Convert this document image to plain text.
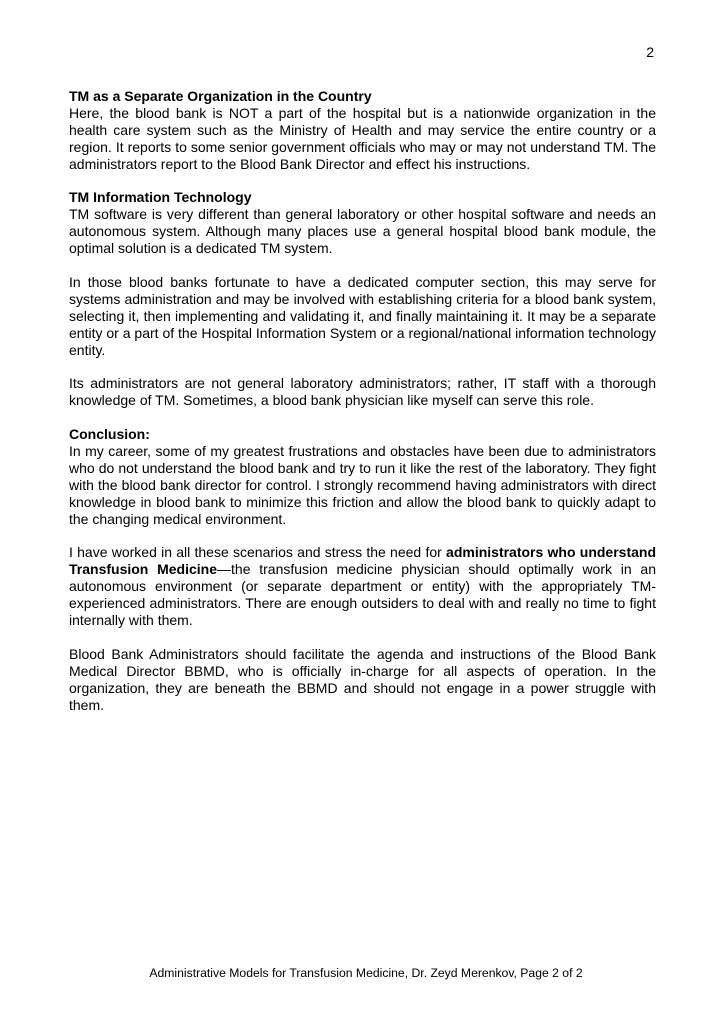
2
TM as a Separate Organization in the Country

Here, the blood bank is NOT a part of the hospital but is a nationwide organization in the health care system such as the Ministry of Health and may service the entire country or a region. It reports to some senior government officials who may or may not understand TM. The administrators report to the Blood Bank Director and effect his instructions.

TM Information Technology

TM software is very different than general laboratory or other hospital software and needs an autonomous system. Although many places use a general hospital blood bank module, the optimal solution is a dedicated TM system.

In those blood banks fortunate to have a dedicated computer section, this may serve for systems administration and may be involved with establishing criteria for a blood bank system, selecting it, then implementing and validating it, and finally maintaining it. It may be a separate entity or a part of the Hospital Information System or a regional/national information technology entity.

Its administrators are not general laboratory administrators; rather, IT staff with a thorough knowledge of TM. Sometimes, a blood bank physician like myself can serve this role.

Conclusion:

In my career, some of my greatest frustrations and obstacles have been due to administrators who do not understand the blood bank and try to run it like the rest of the laboratory. They fight with the blood bank director for control. I strongly recommend having administrators with direct knowledge in blood bank to minimize this friction and allow the blood bank to quickly adapt to the changing medical environment.

I have worked in all these scenarios and stress the need for administrators who understand Transfusion Medicine—the transfusion medicine physician should optimally work in an autonomous environment (or separate department or entity) with the appropriately TM-experienced administrators. There are enough outsiders to deal with and really no time to fight internally with them.

Blood Bank Administrators should facilitate the agenda and instructions of the Blood Bank Medical Director BBMD, who is officially in-charge for all aspects of operation. In the organization, they are beneath the BBMD and should not engage in a power struggle with them.

Administrative Models for Transfusion Medicine, Dr. Zeyd Merenkov, Page 2 of 2
